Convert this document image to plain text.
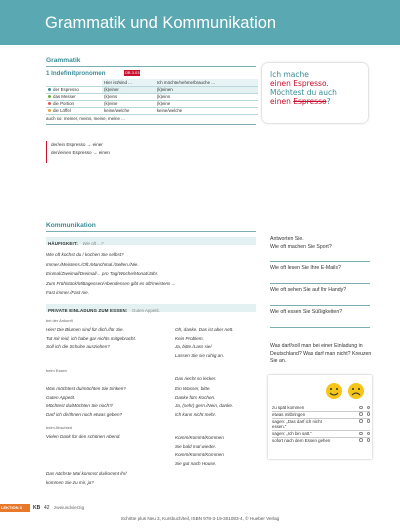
Grammatik und Kommunikation
Grammatik
1 Indefinitpronomen	ÜB 3.03
	Hier ist/sind ...	Ich möchte/nehme/brauche ...
der Espresso	(k)einer	(k)einen
das Messer	(k)eins	(k)eins
die Portion	(k)eine	(k)eine
die Löffel	keine/welche	keine/welche
auch so: meiner, meins, meine, meine ...
der/ein Espresso → einer
den/einen Espresso → einen
Ich mache
einen Espresso.
Möchtest du auch
einen Espresso?
Kommunikation
HÄUFIGKEIT: Wie oft ...?
Wie oft kochst du / kochen Sie selbst?
Immer./Meistens./Oft./Manchmal./Selten./Nie.
Einmal/Zweimal/Dreimal/... pro Tag/Woche/Monat/Jahr.
Zum Frühstück/Mittagessen/Abendessen gibt es oft/meistens ...
Fast immer./Fast nie.
PRIVATE EINLADUNG ZUM ESSEN: Guten Appetit.
bei der Ankunft
Hier! Die Blumen sind für dich./für Sie.
Tut mir leid, ich habe gar nichts mitgebracht.
Soll ich die Schuhe ausziehen?
Oh, danke. Das ist aber nett.
Kein Problem.
Ja, bitte./Lass sie/
Lassen Sie sie ruhig an.
beim Essen
Das riecht so lecker.
Was möchtest du/möchten Sie trinken?
Guten Appetit.
Möchtest du/Möchten Sie noch?/
Darf ich dir/Ihnen noch etwas geben?
Ein Wasser, bitte.
Danke fürs Kochen.
Ja, (sehr) gern./Nein, danke.
Ich kann nicht mehr.
beim Abschied
Vielen Dank für den schönen Abend.	Komm/Kommt/Kommen
Sie bald mal wieder.
Komm/Kommt/Kommen
Sie gut nach House.
Das nächste Mal kommst du/kommt ihr/
kommen Sie zu mir, ja?
Antworten Sie.
Wie oft machen Sie Sport?
Wie oft lesen Sie Ihre E-Mails?
Wie oft sehen Sie auf Ihr Handy?
Wie oft essen Sie Süßigkeiten?
Was darf/soll man bei einer Einladung in Deutschland? Was darf man nicht? Kreuzen Sie an.
zu spät kommen

etwas mitbringen

sagen: „Das darf ich nicht essen.“

sagen: „Ich bin satt.“

sofort nach dem Essen gehen

LEKTION 3 KB 42 zweiundvierzig
Schritte plus Neu 3, Kursbuch/teil, ISBN 978-3-19-301083-4, © Hueber Verlag
